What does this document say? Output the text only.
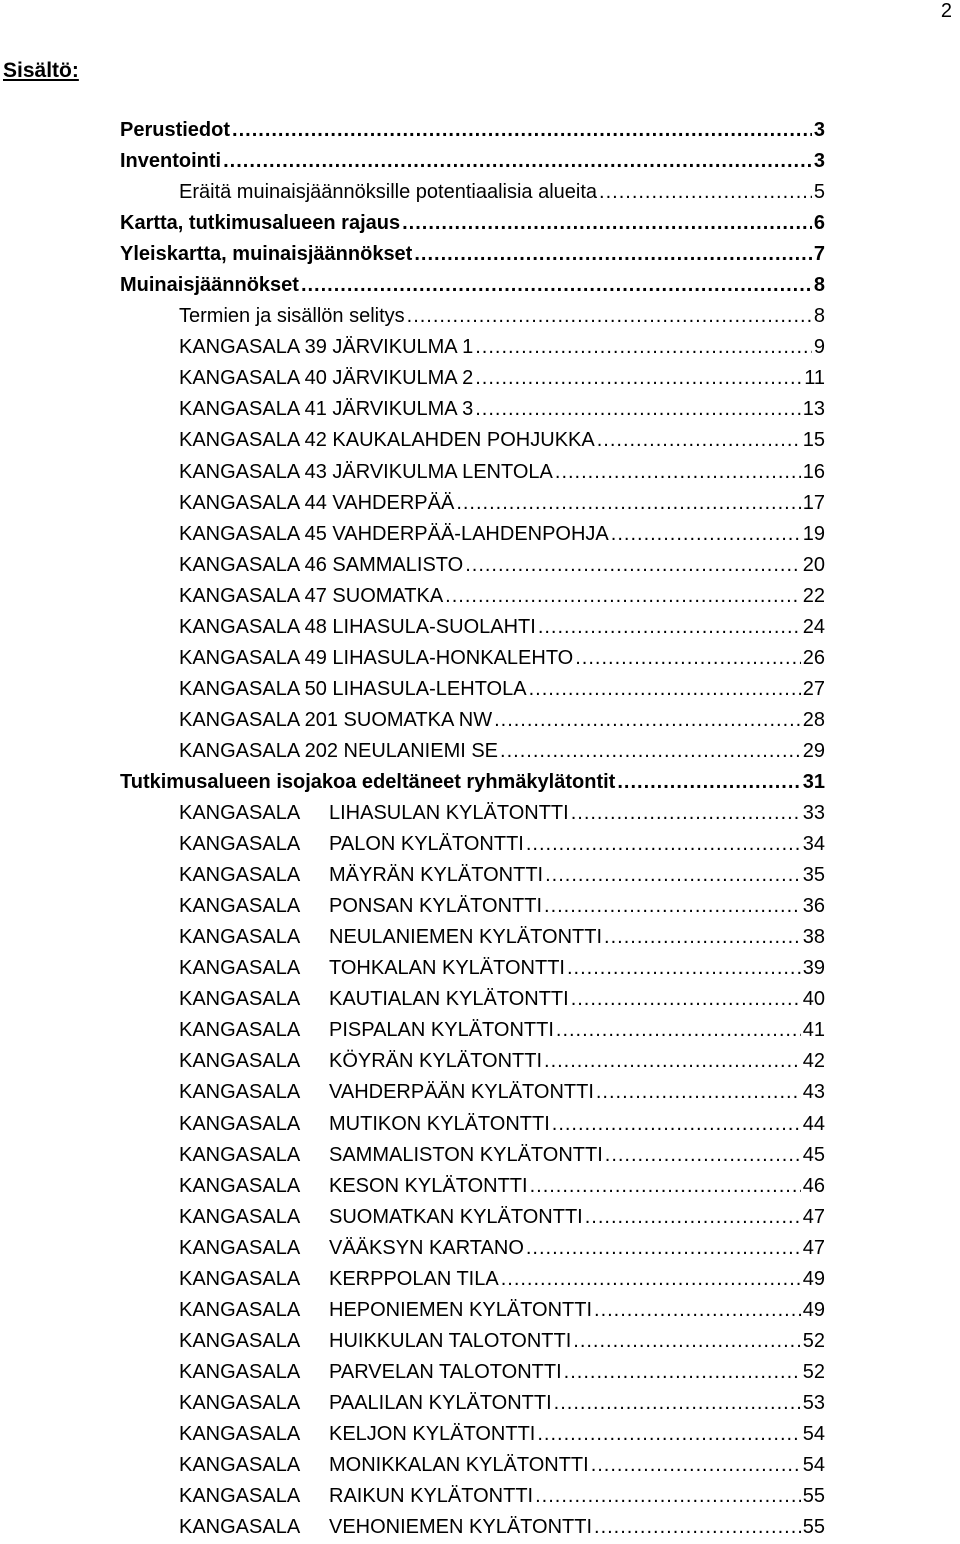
2
Sisältö:
Perustiedot .....	3
Inventointi .....	3
Eräitä muinaisjäännöksille potentiaalisia alueita .....	5
Kartta, tutkimusalueen rajaus .....	6
Yleiskartta, muinaisjäännökset .....	7
Muinaisjäännökset .....	8
Termien ja sisällön selitys .....	8
KANGASALA 39 JÄRVIKULMA 1 .....	9
KANGASALA 40 JÄRVIKULMA 2 .....	11
KANGASALA 41 JÄRVIKULMA 3 .....	13
KANGASALA 42 KAUKALAHDEN POHJUKKA .....	15
KANGASALA 43 JÄRVIKULMA LENTOLA .....	16
KANGASALA 44 VAHDERPÄÄ .....	17
KANGASALA 45 VAHDERPÄÄ-LAHDENPOHJA .....	19
KANGASALA 46 SAMMALISTO .....	20
KANGASALA 47 SUOMATKA .....	22
KANGASALA 48 LIHASULA-SUOLAHTI .....	24
KANGASALA 49 LIHASULA-HONKALEHTO .....	26
KANGASALA 50 LIHASULA-LEHTOLA .....	27
KANGASALA 201 SUOMATKA NW .....	28
KANGASALA 202 NEULANIEMI SE .....	29
Tutkimusalueen isojakoa edeltäneet ryhmäkylätontit .....	31
KANGASALA LIHASULAN KYLÄTONTTI .....	33
KANGASALA PALON KYLÄTONTTI .....	34
KANGASALA MÄYRÄN KYLÄTONTTI .....	35
KANGASALA PONSAN KYLÄTONTTI .....	36
KANGASALA NEULANIEMEN KYLÄTONTTI .....	38
KANGASALA TOHKALAN KYLÄTONTTI .....	39
KANGASALA KAUTIALAN KYLÄTONTTI .....	40
KANGASALA PISPALAN KYLÄTONTTI .....	41
KANGASALA KÖYRÄN KYLÄTONTTI .....	42
KANGASALA VAHDERPÄÄN KYLÄTONTTI .....	43
KANGASALA MUTIKON KYLÄTONTTI .....	44
KANGASALA SAMMALISTON KYLÄTONTTI .....	45
KANGASALA KESON KYLÄTONTTI .....	46
KANGASALA SUOMATKAN KYLÄTONTTI .....	47
KANGASALA VÄÄKSYN KARTANO .....	47
KANGASALA KERPPOLAN TILA .....	49
KANGASALA HEPONIEMEN KYLÄTONTTI .....	49
KANGASALA HUIKKULAN TALOTONTTI .....	52
KANGASALA PARVELAN TALOTONTTI .....	52
KANGASALA PAALILAN KYLÄTONTTI .....	53
KANGASALA KELJON KYLÄTONTTI .....	54
KANGASALA MONIKKALAN KYLÄTONTTI .....	54
KANGASALA RAIKUN KYLÄTONTTI .....	55
KANGASALA VEHONIEMEN KYLÄTONTTI .....	55
